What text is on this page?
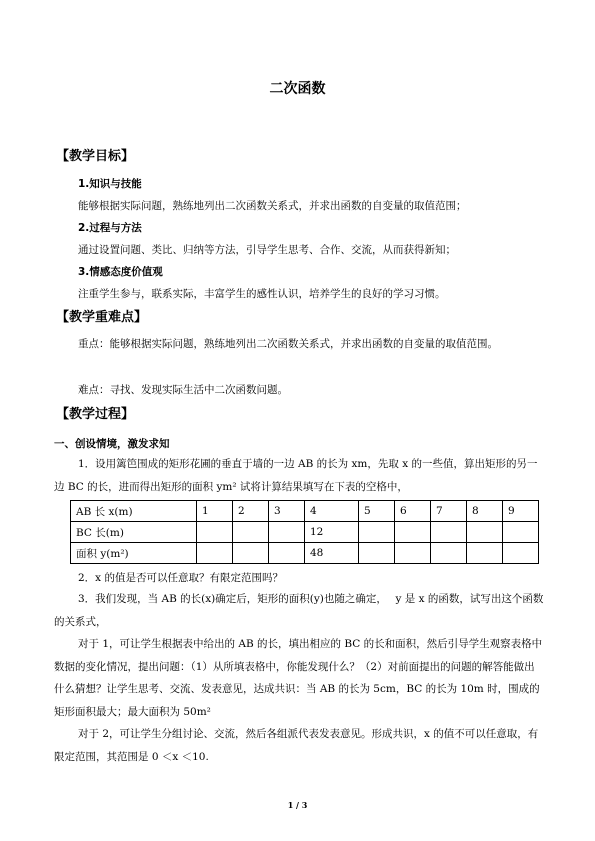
二次函数
【教学目标】
1.知识与技能
能够根据实际问题，熟练地列出二次函数关系式，并求出函数的自变量的取值范围；
2.过程与方法
通过设置问题、类比、归纳等方法，引导学生思考、合作、交流，从而获得新知；
3.情感态度价值观
注重学生参与，联系实际，丰富学生的感性认识，培养学生的良好的学习习惯。
【教学重难点】

重点：能够根据实际问题，熟练地列出二次函数关系式，并求出函数的自变量的取值范围。

难点：寻找、发现实际生活中二次函数问题。
【教学过程】
一、创设情境，激发求知

1．设用篱笆围成的矩形花圃的垂直于墙的一边 AB 的长为 xm，先取 x 的一些值，算出矩形的另一边 BC 的长，进而得出矩形的面积 ym² 试将计算结果填写在下表的空格中，

AB 长 x(m)	1	2	3	4	5	6	7	8	9
BC 长(m)				12					
面积 y(m²)				48					
2．x 的值是否可以任意取？有限定范围吗？

3．我们发现，当 AB 的长(x)确定后，矩形的面积(y)也随之确定，　 y 是 x 的函数，试写出这个函数的关系式，

对于 1，可让学生根据表中给出的 AB 的长，填出相应的 BC 的长和面积，然后引导学生观察表格中数据的变化情况，提出问题：（1）从所填表格中，你能发现什么？（2）对前面提出的问题的解答能做出什么猜想？让学生思考、交流、发表意见，达成共识：当 AB 的长为 5cm，BC 的长为 10m 时，围成的矩形面积最大；最大面积为 50m²

对于 2，可让学生分组讨论、交流，然后各组派代表发表意见。形成共识，x 的值不可以任意取，有限定范围，其范围是 0 ＜x ＜10.

1 / 3
